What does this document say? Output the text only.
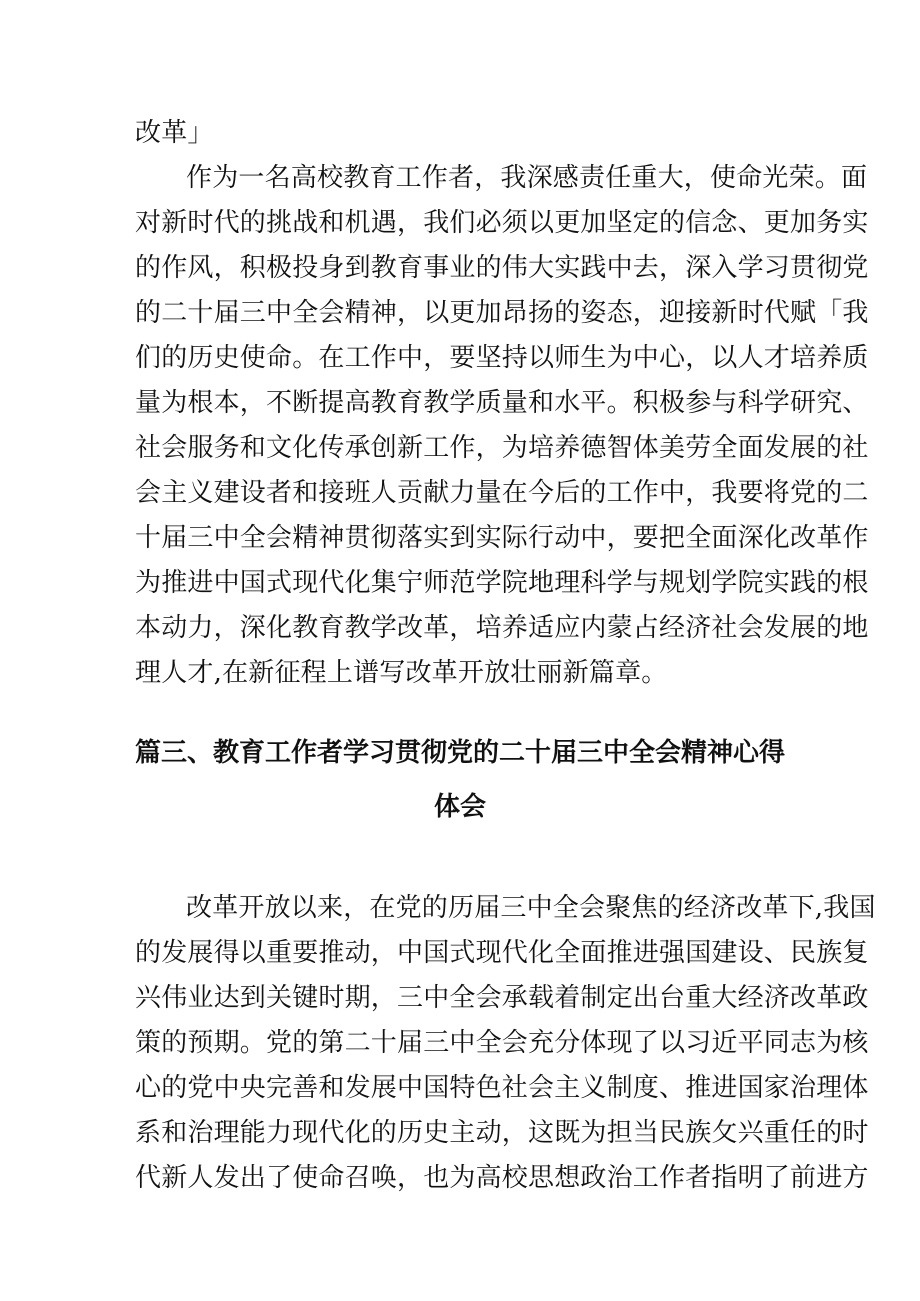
改革」
作为一名高校教育工作者，我深感责任重大，使命光荣。面
对新时代的挑战和机遇，我们必须以更加坚定的信念、更加务实
的作风，积极投身到教育事业的伟大实践中去，深入学习贯彻党
的二十届三中全会精神，以更加昂扬的姿态，迎接新时代赋「我
们的历史使命。在工作中，要坚持以师生为中心，以人才培养质
量为根本，不断提高教育教学质量和水平。积极参与科学研究、
社会服务和文化传承创新工作，为培养德智体美劳全面发展的社
会主义建设者和接班人贡献力量在今后的工作中，我要将党的二
十届三中全会精神贯彻落实到实际行动中，要把全面深化改革作
为推进中国式现代化集宁师范学院地理科学与规划学院实践的根
本动力，深化教育教学改革，培养适应内蒙占经济社会发展的地
理人才,在新征程上谱写改革开放壮丽新篇章。
篇三、教育工作者学习贯彻党的二十届三中全会精神心得
体会
改革开放以来，在党的历届三中全会聚焦的经济改革下,我国
的发展得以重要推动，中国式现代化全面推进强国建设、民族复
兴伟业达到关键时期，三中全会承载着制定出台重大经济改革政
策的预期。党的第二十届三中全会充分体现了以习近平同志为核
心的党中央完善和发展中国特色社会主义制度、推进国家治理体
系和治理能力现代化的历史主动，这既为担当民族攵兴重任的时
代新人发出了使命召唤，也为高校思想政治工作者指明了前进方
